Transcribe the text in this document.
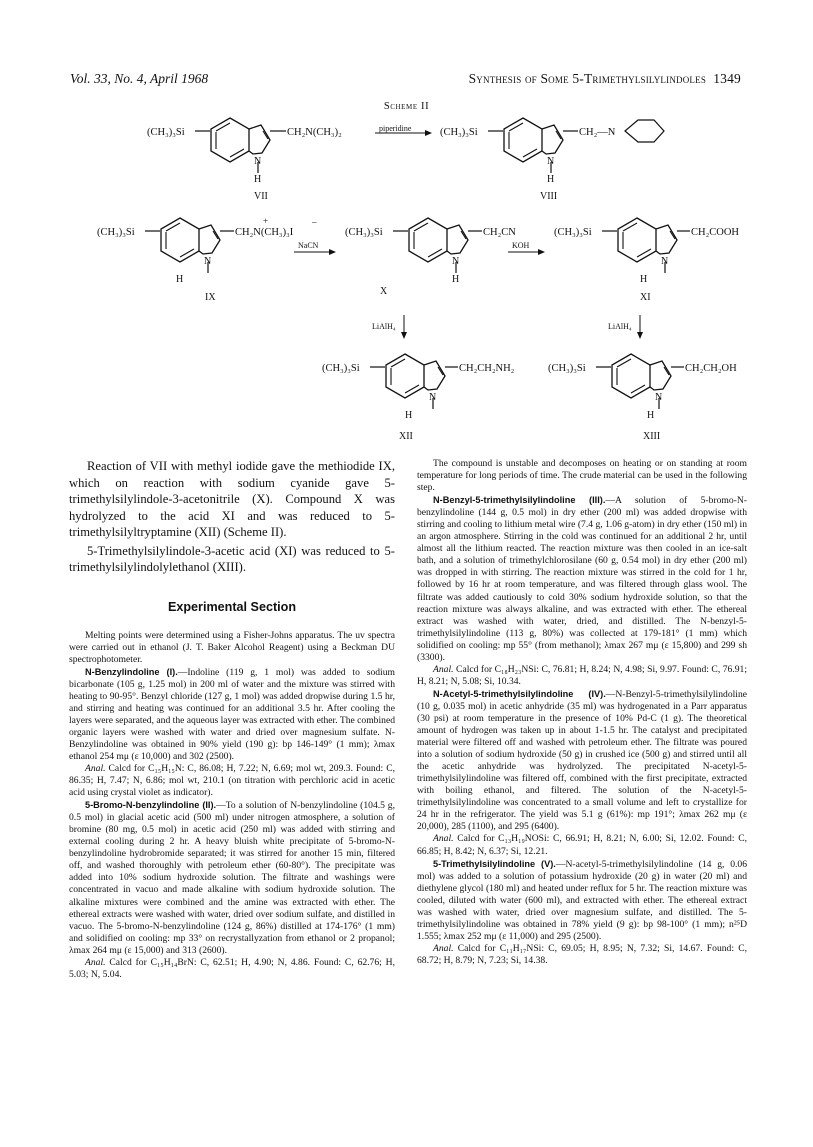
Vol. 33, No. 4, April 1968	Synthesis of Some 5-Trimethylsilylindoles 1349
Scheme II
(CH₃)₃Si	CH₂N(CH₃)₂
N
H
VII
piperidine	(CH₃)₃Si	CH₂—N
N
H
VIII
(CH₃)₃Si	CH₂N(CH₃)₃I
+	–
N
H
IX
NaCN
(CH₃)₃Si	CH₂CN
N
H
X
KOH
(CH₃)₃Si	CH₂COOH
N
H
XI
LiAlH₄	LiAlH₄
(CH₃)₃Si	CH₂CH₂NH₂
N
H
XII
(CH₃)₃Si	CH₂CH₂OH
N
H
XIII

Reaction of VII with methyl iodide gave the methiodide IX, which on reaction with sodium cyanide gave 5-trimethylsilylindole-3-acetonitrile (X). Compound X was hydrolyzed to the acid XI and was reduced to 5-trimethylsilyltryptamine (XII) (Scheme II).

5-Trimethylsilylindole-3-acetic acid (XI) was reduced to 5-trimethylsilylindolylethanol (XIII).

Experimental Section

Melting points were determined using a Fisher-Johns apparatus. The uv spectra were carried out in ethanol (J. T. Baker Alcohol Reagent) using a Beckman DU spectrophotometer.

N-Benzylindoline (I).—Indoline (119 g, 1 mol) was added to sodium bicarbonate (105 g, 1.25 mol) in 200 ml of water and the mixture was stirred with heating to 90-95°. Benzyl chloride (127 g, 1 mol) was added dropwise during 1.5 hr, and stirring and heating was continued for an additional 3.5 hr. After cooling the layers were separated, and the aqueous layer was extracted with ether. The combined organic layers were washed with water and dried over magnesium sulfate. N-Benzylindoline was obtained in 90% yield (190 g): bp 146-149° (1 mm); λmax ethanol 254 mμ (ε 10,000) and 302 (2500).

Anal. Calcd for C₁₅H₁₅N: C, 86.08; H, 7.22; N, 6.69; mol wt, 209.3. Found: C, 86.35; H, 7.47; N, 6.86; mol wt, 210.1 (on titration with perchloric acid in acetic acid using crystal violet as indicator).

5-Bromo-N-benzylindoline (II).—To a solution of N-benzylindoline (104.5 g, 0.5 mol) in glacial acetic acid (500 ml) under nitrogen atmosphere, a solution of bromine (80 mg, 0.5 mol) in acetic acid (250 ml) was added with stirring and external cooling during 2 hr. A heavy bluish white precipitate of 5-bromo-N-benzylindoline hydrobromide separated; it was stirred for another 15 min, filtered off, and washed thoroughly with petroleum ether (60-80°). The precipitate was added into 10% sodium hydroxide solution. The filtrate and washings were concentrated in vacuo and made alkaline with sodium hydroxide solution. The alkaline mixtures were combined and the amine was extracted with ether. The ethereal extracts were washed with water, dried over sodium sulfate, and distilled in vacuo. The 5-bromo-N-benzylindoline (124 g, 86%) distilled at 174-176° (1 mm) and solidified on cooling: mp 33° on recrystallyzation from ethanol or 2 propanol; λmax 264 mμ (ε 15,000) and 313 (2600).

Anal. Calcd for C₁₅H₁₄BrN: C, 62.51; H, 4.90; N, 4.86. Found: C, 62.76; H, 5.03; N, 5.04.

The compound is unstable and decomposes on heating or on standing at room temperature for long periods of time. The crude material can be used in the following step.

N-Benzyl-5-trimethylsilylindoline (III).—A solution of 5-bromo-N-benzylindoline (144 g, 0.5 mol) in dry ether (200 ml) was added dropwise with stirring and cooling to lithium metal wire (7.4 g, 1.06 g-atom) in dry ether (150 ml) in an argon atmosphere. Stirring in the cold was continued for an additional 2 hr, until almost all the lithium reacted. The reaction mixture was then cooled in an ice-salt bath, and a solution of trimethylchlorosilane (60 g, 0.54 mol) in dry ether (200 ml) was dropped in with stirring. The reaction mixture was stirred in the cold for 1 hr, followed by 16 hr at room temperature, and was filtered through glass wool. The filtrate was added cautiously to cold 30% sodium hydroxide solution, so that the reaction mixture was always alkaline, and was extracted with ether. The ethereal extract was washed with water, dried, and distilled. The N-benzyl-5-trimethylsilylindoline (113 g, 80%) was collected at 179-181° (1 mm) which solidified on cooling: mp 55° (from methanol); λmax 267 mμ (ε 15,800) and 299 sh (3300).

Anal. Calcd for C₁₈H₂₃NSi: C, 76.81; H, 8.24; N, 4.98; Si, 9.97. Found: C, 76.91; H, 8.21; N, 5.08; Si, 10.34.

N-Acetyl-5-trimethylsilylindoline (IV).—N-Benzyl-5-trimethylsilylindoline (10 g, 0.035 mol) in acetic anhydride (35 ml) was hydrogenated in a Parr apparatus (30 psi) at room temperature in the presence of 10% Pd-C (1 g). The theoretical amount of hydrogen was taken up in about 1-1.5 hr. The catalyst and precipitated material were filtered off and washed with petroleum ether. The filtrate was poured into a solution of sodium hydroxide (50 g) in crushed ice (500 g) and stirred until all the acetic anhydride was hydrolyzed. The precipitated N-acetyl-5-trimethylsilylindoline was filtered off, combined with the first precipitate, extracted with boiling ethanol, and filtered. The solution of the N-acetyl-5-trimethylsilylindoline was concentrated to a small volume and left to crystallize for 24 hr in the refrigerator. The yield was 5.1 g (61%): mp 191°; λmax 262 mμ (ε 20,000), 285 (1100), and 295 (6400).

Anal. Calcd for C₁₃H₁₉NOSi: C, 66.91; H, 8.21; N, 6.00; Si, 12.02. Found: C, 66.85; H, 8.42; N, 6.37; Si, 12.21.

5-Trimethylsilylindoline (V).—N-acetyl-5-trimethylsilylindoline (14 g, 0.06 mol) was added to a solution of potassium hydroxide (20 g) in water (20 ml) and diethylene glycol (180 ml) and heated under reflux for 5 hr. The reaction mixture was cooled, diluted with water (600 ml), and extracted with ether. The ethereal extract was washed with water, dried over magnesium sulfate, and distilled. The 5-trimethylsilylindoline was obtained in 78% yield (9 g): bp 98-100° (1 mm); n²⁵D 1.555; λmax 252 mμ (ε 11,000) and 295 (2500).

Anal. Calcd for C₁₁H₁₇NSi: C, 69.05; H, 8.95; N, 7.32; Si, 14.67. Found: C, 68.72; H, 8.79; N, 7.23; Si, 14.38.
